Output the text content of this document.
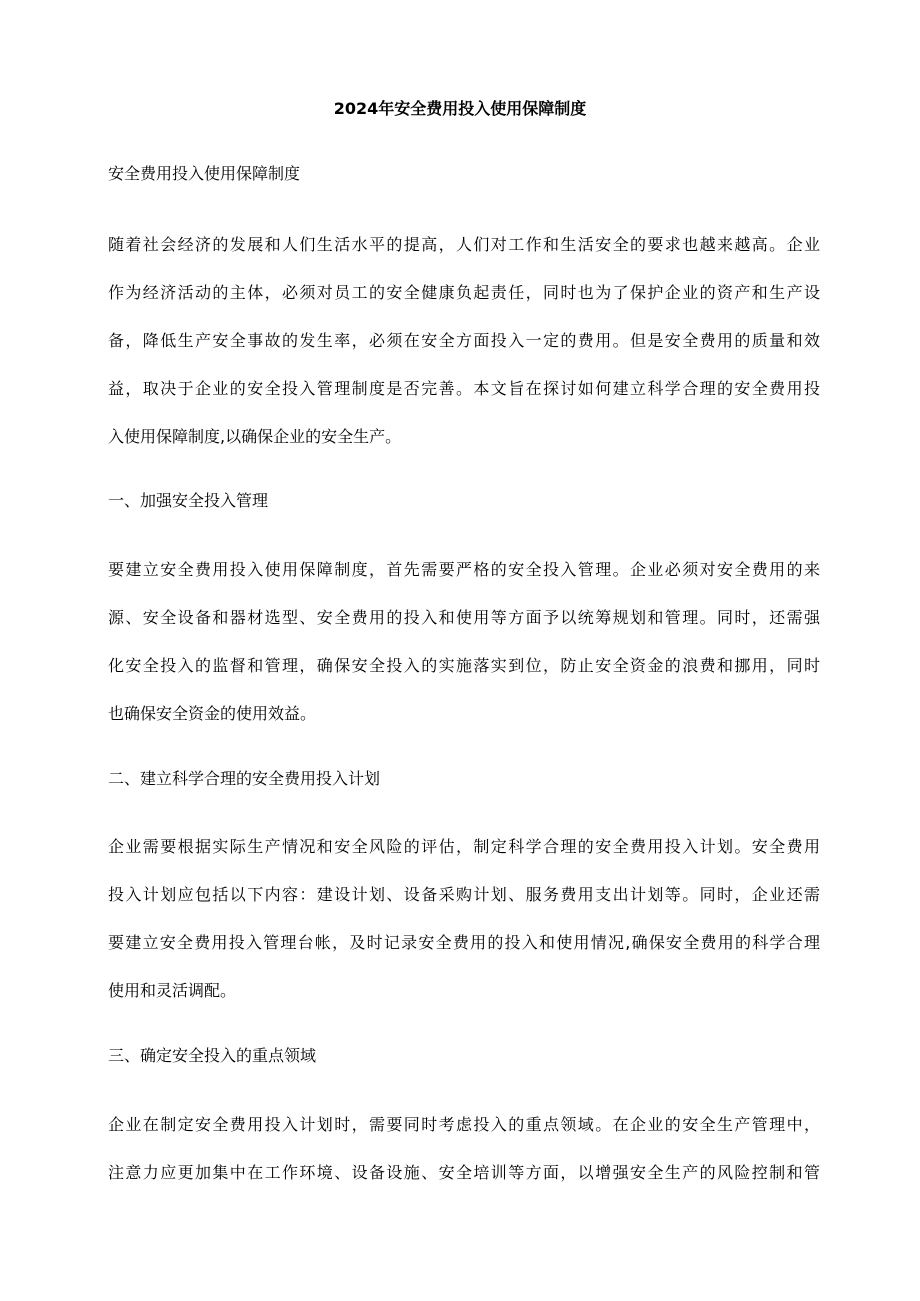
2024年安全费用投入使用保障制度
安全费用投入使用保障制度
随着社会经济的发展和人们生活水平的提高，人们对工作和生活安全的要求也越来越高。企业
作为经济活动的主体，必须对员工的安全健康负起责任，同时也为了保护企业的资产和生产设
备，降低生产安全事故的发生率，必须在安全方面投入一定的费用。但是安全费用的质量和效
益，取决于企业的安全投入管理制度是否完善。本文旨在探讨如何建立科学合理的安全费用投
入使用保障制度,以确保企业的安全生产。
一、加强安全投入管理
要建立安全费用投入使用保障制度，首先需要严格的安全投入管理。企业必须对安全费用的来
源、安全设备和器材选型、安全费用的投入和使用等方面予以统筹规划和管理。同时，还需强
化安全投入的监督和管理，确保安全投入的实施落实到位，防止安全资金的浪费和挪用，同时
也确保安全资金的使用效益。
二、建立科学合理的安全费用投入计划
企业需要根据实际生产情况和安全风险的评估，制定科学合理的安全费用投入计划。安全费用
投入计划应包括以下内容：建设计划、设备采购计划、服务费用支出计划等。同时，企业还需
要建立安全费用投入管理台帐，及时记录安全费用的投入和使用情况,确保安全费用的科学合理
使用和灵活调配。
三、确定安全投入的重点领域
企业在制定安全费用投入计划时，需要同时考虑投入的重点领域。在企业的安全生产管理中，
注意力应更加集中在工作环境、设备设施、安全培训等方面，以增强安全生产的风险控制和管
